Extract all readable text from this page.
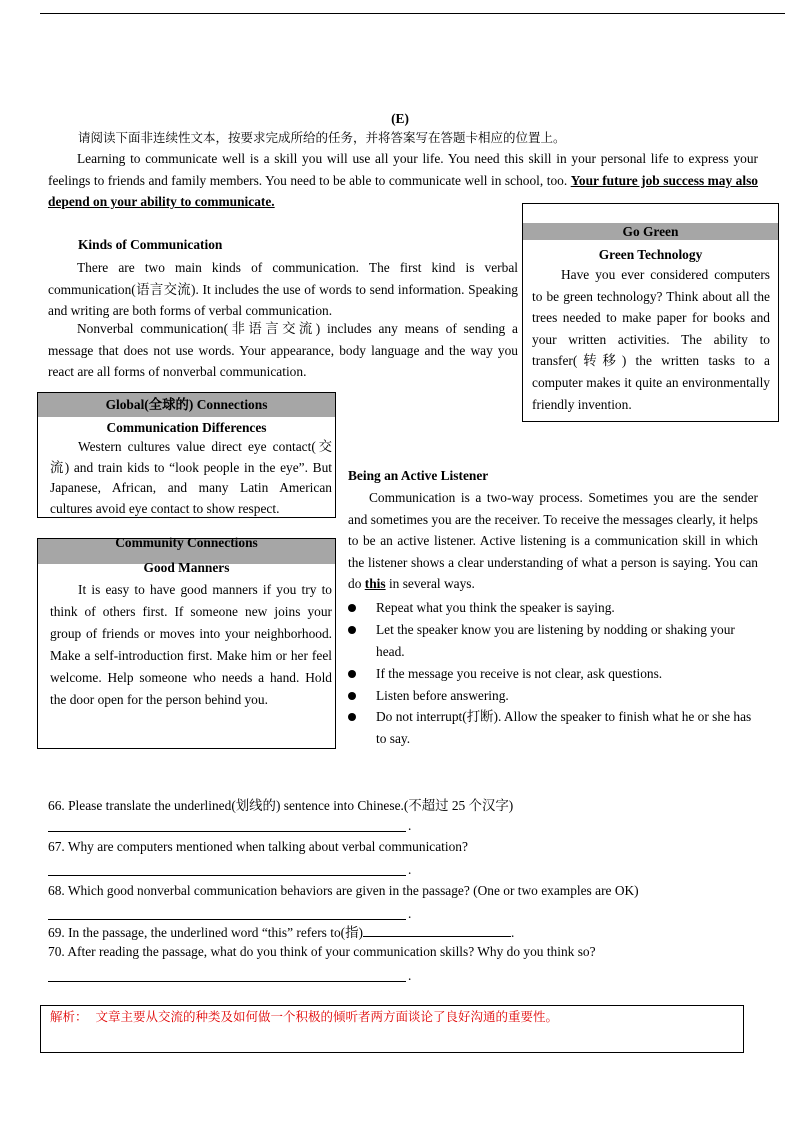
(E)
请阅读下面非连续性文本，按要求完成所给的任务，并将答案写在答题卡相应的位置上。
Learning to communicate well is a skill you will use all your life. You need this skill in your personal life to express your feelings to friends and family members. You need to be able to communicate well in school, too. Your future job success may also depend on your ability to communicate.
Go Green
Green Technology

Have you ever considered computers to be green technology? Think about all the trees needed to make paper for books and your written activities. The ability to transfer(转移) the written tasks to a computer makes it quite an environmentally friendly invention.

Kinds of Communication

There are two main kinds of communication. The first kind is verbal communication(语言交流). It includes the use of words to send information. Speaking and writing are both forms of verbal communication.

Nonverbal communication(非语言交流) includes any means of sending a message that does not use words. Your appearance, body language and the way you react are all forms of nonverbal communication.

Global(全球的) Connections
Communication Differences

Western cultures value direct eye contact(交流) and train kids to “look people in the eye”. But Japanese, African, and many Latin American cultures avoid eye contact to show respect.

Community Connections
Good Manners

It is easy to have good manners if you try to think of others first. If someone new joins your group of friends or moves into your neighborhood. Make a self-introduction first. Make him or her feel welcome. Help someone who needs a hand. Hold the door open for the person behind you.

Being an Active Listener
Communication is a two-way process. Sometimes you are the sender and sometimes you are the receiver. To receive the messages clearly, it helps to be an active listener. Active listening is a communication skill in which the listener shows a clear understanding of what a person is saying. You can do this in several ways.
Repeat what you think the speaker is saying.
Let the speaker know you are listening by nodding or shaking your head.
If the message you receive is not clear, ask questions.
Listen before answering.
Do not interrupt(打断). Allow the speaker to finish what he or she has to say.
66. Please translate the underlined(划线的) sentence into Chinese.(不超过 25 个汉字)
.
67. Why are computers mentioned when talking about verbal communication?
.
68. Which good nonverbal communication behaviors are given in the passage? (One or two examples are OK)
.
69. In the passage, the underlined word “this” refers to(指)	.
70. After reading the passage, what do you think of your communication skills? Why do you think so?
.
解析： 文章主要从交流的种类及如何做一个积极的倾听者两方面谈论了良好沟通的重要性。
